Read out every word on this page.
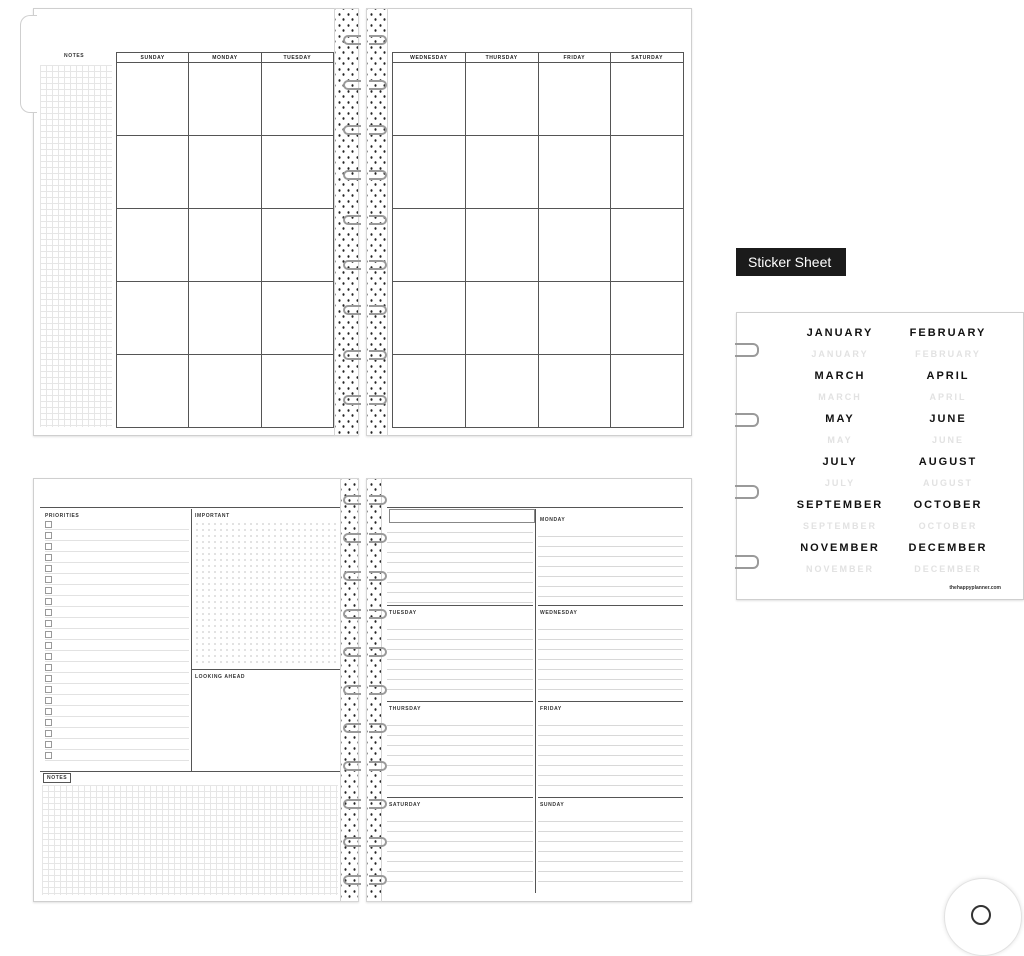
NOTES	SUNDAY	MONDAY	TUESDAY

			WEDNESDAY	THURSDAY	FRIDAY	SATURDAY

PRIORITIES	IMPORTANT
LOOKING AHEAD
NOTES
TUESDAY
THURSDAY
SATURDAY
MONDAY
WEDNESDAY
FRIDAY
SUNDAY
Sticker Sheet
JANUARY	FEBRUARY
JANUARY	FEBRUARY
MARCH	APRIL
MARCH	APRIL
MAY	JUNE
MAY	JUNE
JULY	AUGUST
JULY	AUGUST
SEPTEMBER	OCTOBER
SEPTEMBER	OCTOBER
NOVEMBER	DECEMBER
NOVEMBER	DECEMBER
thehappyplanner.com
